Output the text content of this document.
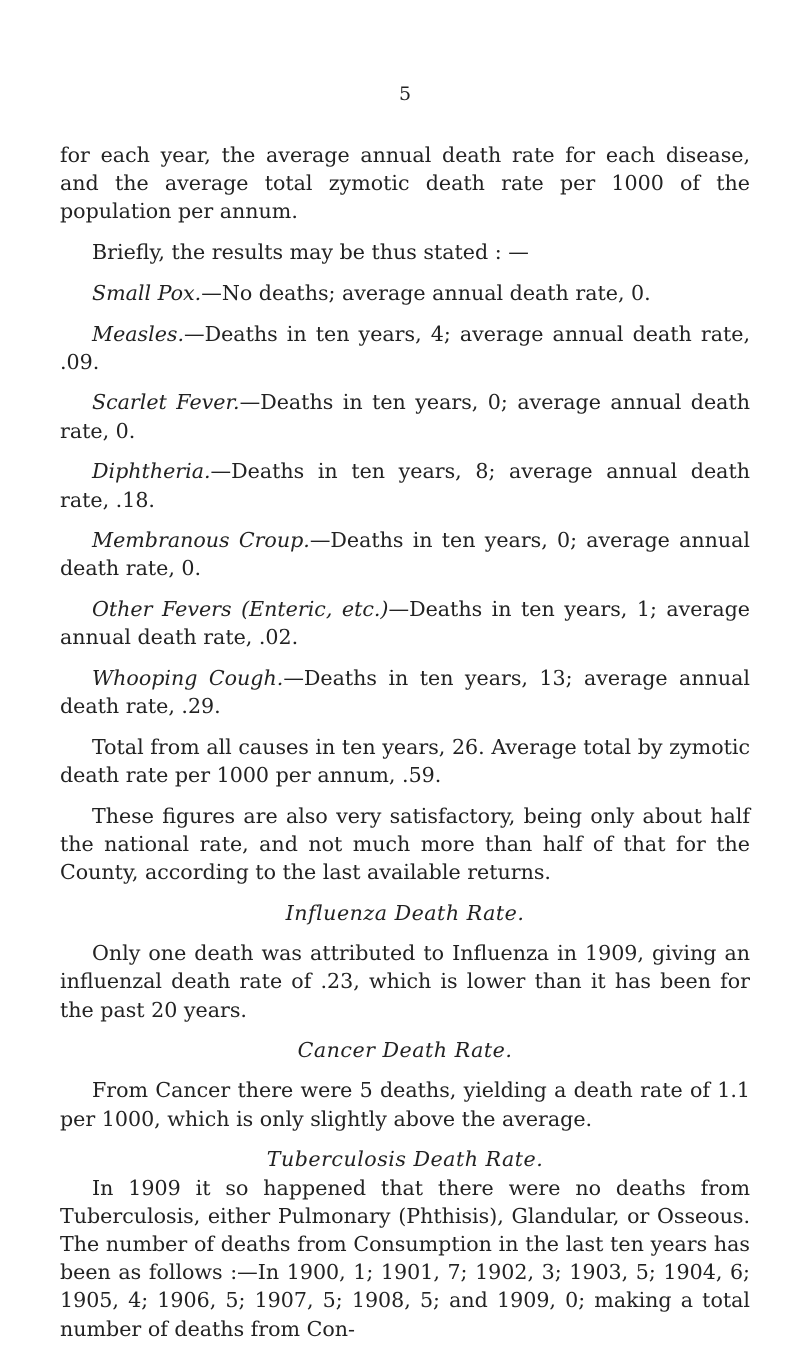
5

for each year, the average annual death rate for each disease, and the average total zymotic death rate per 1000 of the population per annum.

Briefly, the results may be thus stated : —

Small Pox.—No deaths; average annual death rate, 0.

Measles.—Deaths in ten years, 4; average annual death rate, .09.

Scarlet Fever.—Deaths in ten years, 0; average annual death rate, 0.

Diphtheria.—Deaths in ten years, 8; average annual death rate, .18.

Membranous Croup.—Deaths in ten years, 0; average annual death rate, 0.

Other Fevers (Enteric, etc.)—Deaths in ten years, 1; average annual death rate, .02.

Whooping Cough.—Deaths in ten years, 13; average annual death rate, .29.

Total from all causes in ten years, 26. Average total by zymotic death rate per 1000 per annum, .59.

These figures are also very satisfactory, being only about half the national rate, and not much more than half of that for the County, according to the last available returns.

Influenza Death Rate.

Only one death was attributed to Influenza in 1909, giving an influenzal death rate of .23, which is lower than it has been for the past 20 years.

Cancer Death Rate.

From Cancer there were 5 deaths, yielding a death rate of 1.1 per 1000, which is only slightly above the average.

Tuberculosis Death Rate.

In 1909 it so happened that there were no deaths from Tuberculosis, either Pulmonary (Phthisis), Glandular, or Osseous. The number of deaths from Consumption in the last ten years has been as follows :—In 1900, 1; 1901, 7; 1902, 3; 1903, 5; 1904, 6; 1905, 4; 1906, 5; 1907, 5; 1908, 5; and 1909, 0; making a total number of deaths from Con-
